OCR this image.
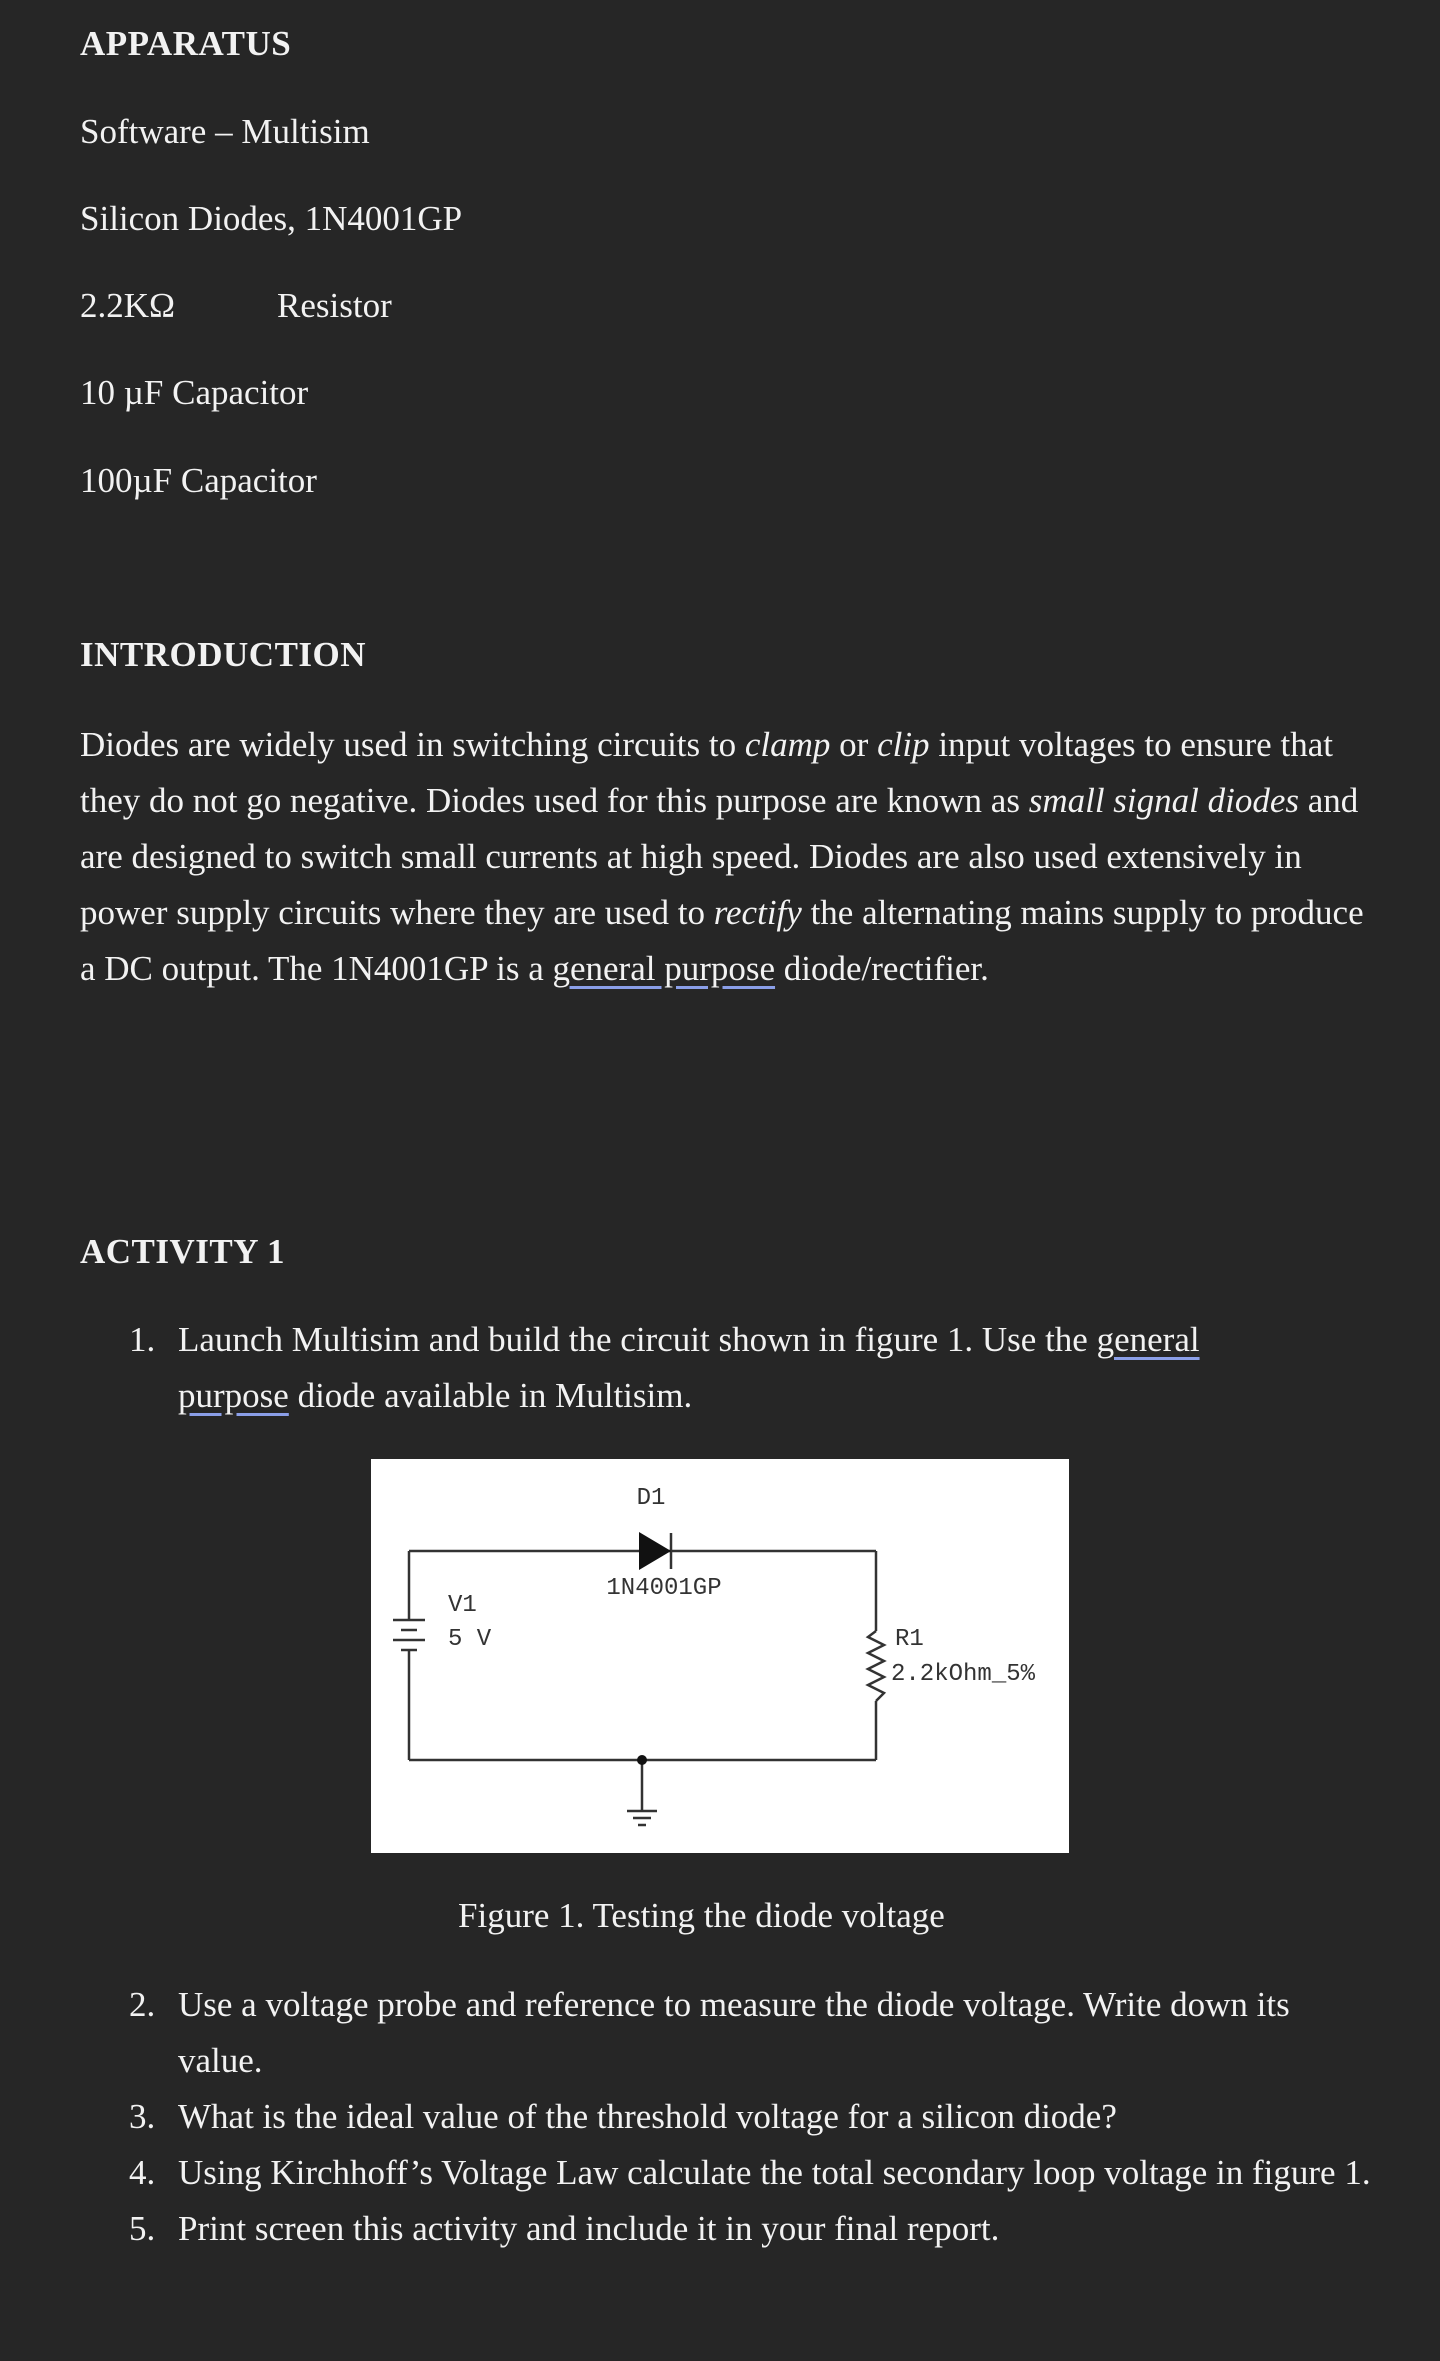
APPARATUS

Software – Multisim

Silicon Diodes, 1N4001GP

2.2KΩ	Resistor

10 µF Capacitor

100µF Capacitor

INTRODUCTION

Diodes are widely used in switching circuits to clamp or clip input voltages to ensure that they do not go negative. Diodes used for this purpose are known as small signal diodes and are designed to switch small currents at high speed. Diodes are also used extensively in power supply circuits where they are used to rectify the alternating mains supply to produce a DC output. The 1N4001GP is a general purpose diode/rectifier.

ACTIVITY 1
1. Launch Multisim and build the circuit shown in figure 1. Use the general purpose diode available in Multisim.
D1
1N4001GP
V1
5 V	R1
2.2kOhm_5%

Figure 1. Testing the diode voltage

2. Use a voltage probe and reference to measure the diode voltage. Write down its value.
3. What is the ideal value of the threshold voltage for a silicon diode?
4. Using Kirchhoff’s Voltage Law calculate the total secondary loop voltage in figure 1.
5. Print screen this activity and include it in your final report.
